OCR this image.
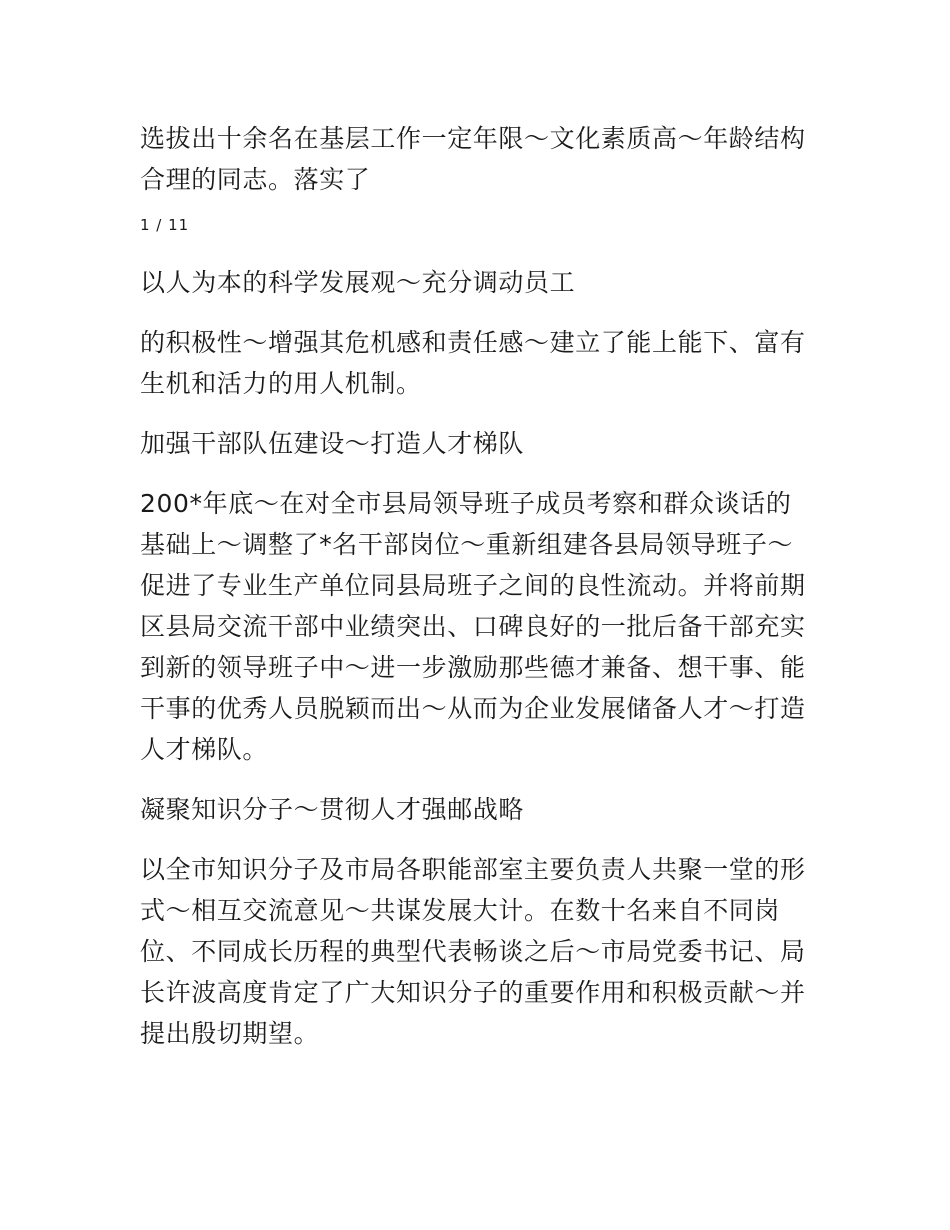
选拔出十余名在基层工作一定年限～文化素质高～年龄结构合理的同志。落实了

1 / 11

以人为本的科学发展观～充分调动员工

的积极性～增强其危机感和责任感～建立了能上能下、富有生机和活力的用人机制。

加强干部队伍建设～打造人才梯队

200*年底～在对全市县局领导班子成员考察和群众谈话的基础上～调整了*名干部岗位～重新组建各县局领导班子～促进了专业生产单位同县局班子之间的良性流动。并将前期区县局交流干部中业绩突出、口碑良好的一批后备干部充实到新的领导班子中～进一步激励那些德才兼备、想干事、能干事的优秀人员脱颖而出～从而为企业发展储备人才～打造人才梯队。

凝聚知识分子～贯彻人才强邮战略

以全市知识分子及市局各职能部室主要负责人共聚一堂的形式～相互交流意见～共谋发展大计。在数十名来自不同岗位、不同成长历程的典型代表畅谈之后～市局党委书记、局长许波高度肯定了广大知识分子的重要作用和积极贡献～并提出殷切期望。
